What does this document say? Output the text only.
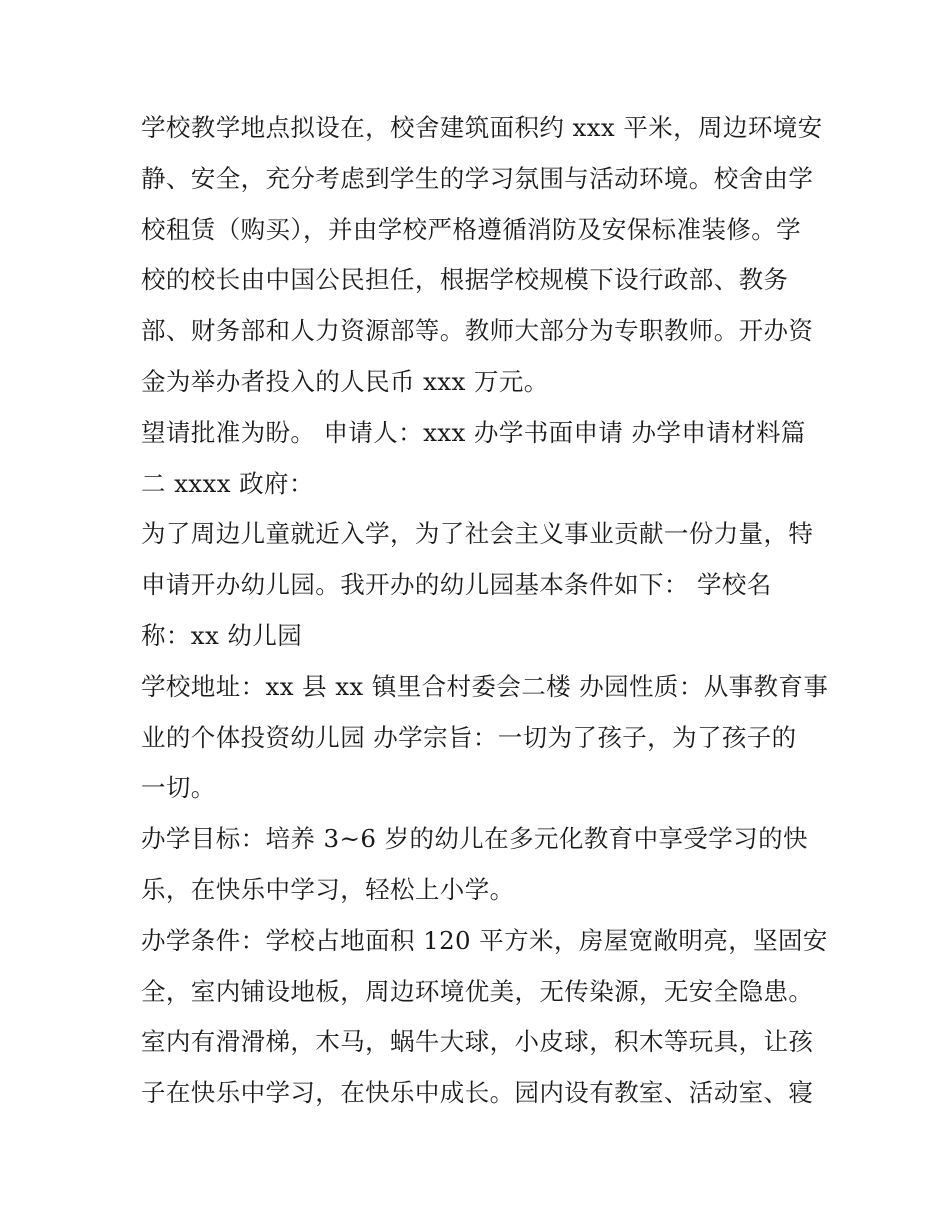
学校教学地点拟设在，校舍建筑面积约 xxx 平米，周边环境安
静、安全，充分考虑到学生的学习氛围与活动环境。校舍由学
校租赁（购买），并由学校严格遵循消防及安保标准装修。学
校的校长由中国公民担任，根据学校规模下设行政部、教务
部、财务部和人力资源部等。教师大部分为专职教师。开办资
金为举办者投入的人民币 xxx 万元。
望请批准为盼。 申请人：xxx 办学书面申请 办学申请材料篇
二 xxxx 政府：
为了周边儿童就近入学，为了社会主义事业贡献一份力量，特
申请开办幼儿园。我开办的幼儿园基本条件如下： 学校名
称：xx 幼儿园
学校地址：xx 县 xx 镇里合村委会二楼 办园性质：从事教育事
业的个体投资幼儿园 办学宗旨：一切为了孩子，为了孩子的
一切。
办学目标：培养 3~6 岁的幼儿在多元化教育中享受学习的快
乐，在快乐中学习，轻松上小学。
办学条件：学校占地面积 120 平方米，房屋宽敞明亮，坚固安
全，室内铺设地板，周边环境优美，无传染源，无安全隐患。
室内有滑滑梯，木马，蜗牛大球，小皮球，积木等玩具，让孩
子在快乐中学习，在快乐中成长。园内设有教室、活动室、寝
